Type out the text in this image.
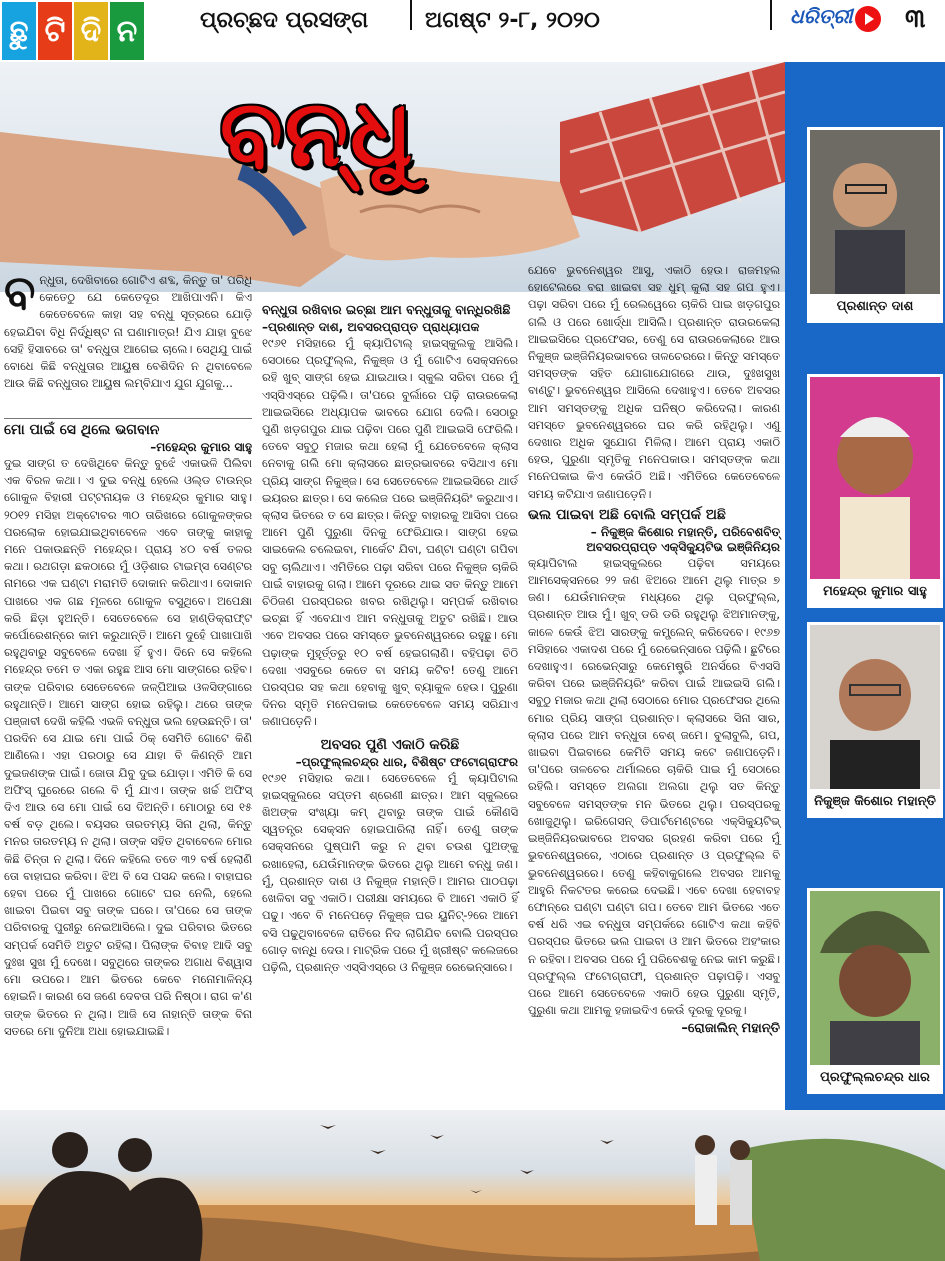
ଛୁ ଟି ଦି ନ	ପ୍ରଚ୍ଛଦ ପ୍ରସଙ୍ଗ	ଅଗଷ୍ଟ ୨-୮, ୨୦୨୦	ଧରିତ୍ରୀ ୩
ବନ୍ଧୁ
ପ୍ରଶାନ୍ତ ଦାଶ
ମହେନ୍ଦ୍ର କୁମାର ସାହୁ
ନିକୁଞ୍ଜ କିଶୋର ମହାନ୍ତି
ପ୍ରଫୁଲ୍ଲଚନ୍ଦ୍ର ଧାର
ବ ନ୍ଧୁତା, ଦେଖିବାରେ ଗୋଟିଏ ଶବ୍ଦ, କିନ୍ତୁ ତା' ପରିଧି କେତେଠୁ ଯେ କେତେଦୂର ଆଖିପାଏନି। କିଏ କେତେବେଳେ କାହା ସହ ବନ୍ଧୁ ସୂତ୍ରରେ ଯୋଡ଼ି ହେଇଯିବା ବିଧି ନିର୍ଦ୍ଧିଷ୍ଟ ନା ଘଣାମାତ୍ର! ଯିଏ ଯାହା ବୁଝେ ସେହି ହିସାବରେ ତା' ବନ୍ଧୁତା ଆଗେଇ ଚାଲେ। ସେଥିଯୁ ପାଇଁ ବୋଧେ କିଛି ବନ୍ଧୁତାର ଆୟୁଷ ବେଶିଦିନ ନ ଥିବାବେଳେ ଆଉ କିଛି ବନ୍ଧୁତାର ଆୟୁଷ ଲମ୍ବିଯାଏ ଯୁଗ ଯୁଗକୁ...

ମୋ ପାଇଁ ସେ ଥିଲେ ଭଗବାନ

–ମହେନ୍ଦ୍ର କୁମାର ସାହୁ

ଦୁଇ ସାଙ୍ଗ ତ ଦେଖିଥିବେ କିନ୍ତୁ ବୁଝେଁ ଏକାଭଳି ପିଲିବା ଏକ ବିରଳ କଥା। ଏ ଦୁଇ ବନ୍ଧୁ ହେଲେ ଓଲ୍ଡ ଟାଉନ୍‌ର ଗୋକୁଳ ବିହାରୀ ପଟ୍ଟନାୟକ ଓ ମହେନ୍ଦ୍ର କୁମାର ସାହୁ। ୨୦୧୨ ମସିହା ଅକ୍ଟୋବର ୩୦ ତାରିଖରେ ଗୋକୁଳଙ୍କର ପରଲୋକ ହୋଇଯାଇଥିବାବେଳେ ଏବେ ତାଙ୍କୁ କାହାକୁ ମନେ ପକାଉଛନ୍ତି ମହେନ୍ଦ୍ର। ପ୍ରାୟ ୪୦ ବର୍ଷ ତଳର କଥା। ରଥଗଡ଼ା ଛକଠାରେ ମୁଁ ଓଡ଼ିଶାର ଟାଇମ୍ସ ସେଣ୍ଟର ନାମରେ ଏକ ଘଣ୍ଟା ମରାମତି ଦୋକାନ କରିଥାଏ। ଦୋକାନ ପାଖରେ ଏକ ଗଛ ମୂଳରେ ଗୋକୁଳ ବସୁଥିବେ। ଅପେକ୍ଷା କରି ଛିଡ଼ା ହୁଅନ୍ତି। ସେତେବେଳେ ସେ ହାଣ୍ଡିକ୍ରାଫ୍ଟ କର୍ପୋରେଶନ୍‌ରେ କାମ କରୁଥାନ୍ତି। ଆମେ ଦୁହେଁ ପାଖାପାଖି ରହୁଥିବାରୁ ସବୁବେଳେ ଦେଖା ହିଁ ହୁଏ। ଦିନେ ସେ କହିଲେ ମହେନ୍ଦ୍ର ତମେ ତ ଏକା ରହୁଛ ଆସ ମୋ ସାଙ୍ଗରେ ରହିବ। ତାଙ୍କ ପରିବାର ସେତେବେଳେ ଜଳ୍ପିଆଇ ଓଳସିଙ୍ଗାରେ ରହୁଥାନ୍ତି। ଆମେ ସାଙ୍ଗ ହୋଇ ରହିଲୁ। ଥରେ ତାଙ୍କ ପଞ୍ଜାବୀ ଦେଖି କହିଲି ଏଭଳି ବନ୍ଧୁତା ଭଲ ହେଉଛନ୍ତି। ତା' ପରଦିନ ସେ ଯାଇ ମୋ ପାଇଁ ଠିକ୍ ସେମିତି ଗୋଟେ କିଣି ଆଣିଲେ। ଏହା ପରଠାରୁ ସେ ଯାହା ବି କିଣନ୍ତି ଆମ ଦୁଇଜଣଙ୍କ ପାଇଁ। ଜୋତା ଯିବୁ ଦୁଇ ଯୋଡ଼ା। ଏମିତି କି ସେ ଅଫିସ୍ ଘୁରେରେ ଗଲେ ବି ମୁଁ ଯାଏ। ତାଙ୍କ ଖର୍ଚ୍ଚ ଅଫିସ୍ ଦିଏ ଆଉ ସେ ମୋ ପାଇଁ ସେ ଦିଅନ୍ତି। ମୋଠାରୁ ସେ ୧୫ ବର୍ଷ ବଡ଼ ଥିଲେ। ବୟସର ତାରତମ୍ୟ ସିନା ଥିଲା, କିନ୍ତୁ ମନର ତାରତମ୍ୟ ନ ଥିଲା। ତାଙ୍କ ସହିତ ଥିବାବେଳେ ମୋର କିଛି ଚିନ୍ତା ନ ଥିଲା। ଦିନେ କହିଲେ ତତେ ୩୨ ବର୍ଷ ହେଲାଣି ତୋ ବାହାଘର କରିବା। ଝିଅ ବି ସେ ପସନ୍ଦ କଲେ। ବାହାଘର ହେବା ପରେ ମୁଁ ପାଖରେ ଗୋଟେ ଘର ନେଲି, ହେଲେ ଖାଇବା ପିଇବା ସବୁ ତାଙ୍କ ଘରେ। ତା'ପରେ ସେ ତାଙ୍କ ପରିବାରକୁ ପୁରୀରୁ ନେଇଆସିଲେ। ଦୁଇ ପରିବାର ଭିତରେ ସମ୍ପର୍କ ସେମିତି ଅତୁଟ ରହିଲା। ପିଲାଙ୍କ ବିବାହ ଆଦି ସବୁ ଦୁଃଖ ସୁଖ ମୁଁ ଦେଖେ। ସବୁଥିରେ ତାଙ୍କର ଅଗାଧ ବିଶ୍ୱାସ ମୋ ଉପରେ। ଆମ ଭିତରେ କେବେ ମନୋମାଳିନ୍ୟ ହୋଇନି। କାରଣ ସେ ଜଣେ ଦେବତା ପରି ନିଷ୍ଠା। ରାଗ କ'ଣ ତାଙ୍କ ଭିତରେ ନ ଥିଲା। ଆଜି ସେ ନାହାନ୍ତି ତାଙ୍କ ବିନା ସତରେ ମୋ ଦୁନିଆ ଅଧା ହୋଇଯାଇଛି।

ବନ୍ଧୁତା ରଖିବାର ଇଚ୍ଛା ଆମ ବନ୍ଧୁତାକୁ ବାନ୍ଧିରଖିଛି

–ପ୍ରଶାନ୍ତ ଦାଶ, ଅବସରପ୍ରାପ୍ତ ପ୍ରାଧ୍ୟାପକ

୧୯୬୧ ମସିହାରେ ମୁଁ କ୍ୟାପିଟାଲ୍ ହାଇସ୍କୁଲକୁ ଆସିଲି। ସେଠାରେ ପ୍ରଫୁଲ୍ଲ, ନିକୁଞ୍ଜ ଓ ମୁଁ ଗୋଟିଏ ସେକ୍ସନରେ ରହି ଖୁବ୍ ସାଙ୍ଗ ହେଇ ଯାଇଥାଉ। ସ୍କୁଲ ସରିବା ପରେ ମୁଁ ଏସ୍‌ସିଏସ୍‌ରେ ପଢ଼ିଲି। ତା'ପରେ ବୁର୍ଲାରେ ପଢ଼ି ରାଉରକେଲା ଆଇଇସିରେ ଅଧ୍ୟାପକ ଭାବରେ ଯୋଗ ଦେଲି। ସେଠାରୁ ପୁଣି ଖଡ଼ଗପୁର ଯାଇ ପଢ଼ିବା ପରେ ପୁଣି ଆଇଇସି ଫେରିଲି। ତେବେ ସବୁଠୁ ମଜାର କଥା ହେଲା ମୁଁ ଯେତେବେଳେ କ୍ଲାସ ନେବାକୁ ଗଲି ମୋ କ୍ଲାସରେ ଛାତ୍ରଭାବରେ ବସିଥାଏ ମୋ ପ୍ରିୟ ସାଙ୍ଗ ନିକୁଞ୍ଜ। ସେ ସେତେବେଳେ ଆଇଇସିରେ ଥାର୍ଡ ଇୟରର ଛାତ୍ର। ସେ କଲେଜ ପରେ ଇଞ୍ଜିନିୟରିଂ କରୁଥାଏ। କ୍ଲାସ ଭିତରେ ତ ସେ ଛାତ୍ର। କିନ୍ତୁ ବାହାରକୁ ଆସିବା ପରେ ଆମେ ପୁଣି ପୁରୁଣା ଦିନକୁ ଫେରିଯାଉ। ସାଙ୍ଗ ହେଇ ସାଇକେଲ ଚଲେଇବା, ମାର୍କେଟ ଯିବା, ଘଣ୍ଟା ଘଣ୍ଟା ଗପିବା ସବୁ ଚାଲିଥାଏ। ଏମିତିରେ ପଢ଼ା ସରିବା ପରେ ନିକୁଞ୍ଜ ଚାକିରି ପାଇଁ ବାହାରକୁ ଗଲା। ଆମେ ଦୂରରେ ଥାଇ ସତ କିନ୍ତୁ ଆମେ ଚିଠିଜଣ ପରସ୍ପରର ଖବର ରଖିଥିଲୁ। ସମ୍ପର୍କ ରଖିବାର ଇଚ୍ଛା ହିଁ ଏବେଯାଏ ଆମ ବନ୍ଧୁତାକୁ ଅତୁଟ ରଖିଛି। ଆଉ ଏବେ ଅବସର ପରେ ସମସ୍ତେ ଭୁବନେଶ୍ୱରରେ ରହୁଛୁ। ମୋ ପଢ଼ାଙ୍କ ମୁହୂର୍ତ୍ତରୁ ୧୦ ବର୍ଷ ହେଇଗଲାଣି। ବହିପଢ଼ା ଚିଠି ଦେଖା ଏସବୁରେ କେତେ ବା ସମୟ କଟିବ! ତେଣୁ ଆମେ ପରସ୍ପର ସହ କଥା ହେବାକୁ ଖୁବ୍ ବ୍ୟାକୁଳ ହେଉ। ପୁରୁଣା ଦିନର ସ୍ମୃତି ମନେପକାଇ କେତେବେଳେ ସମୟ ସରିଯାଏ ଜଣାପଡ଼େନି।

ଅବସର ପୁଣି ଏକାଠି କରିଛି

–ପ୍ରଫୁଲ୍ଲଚନ୍ଦ୍ର ଧାର, ବିଶିଷ୍ଟ ଫଟୋଗ୍ରାଫର

୧୯୬୧ ମସିହାର କଥା। ସେତେବେଳେ ମୁଁ କ୍ୟାପିଟାଲ ହାଇସ୍କୁଲରେ ସପ୍ତମ ଶ୍ରେଣୀ ଛାତ୍ର। ଆମ ସ୍କୁଲରେ ଖିଅଙ୍କ ସଂଖ୍ୟା କମ୍ ଥିବାରୁ ତାଙ୍କ ପାଇଁ କୌଣସି ସ୍ୱତନ୍ତ୍ର ସେକ୍ସନ ହୋଇପାରିଲା ନାହିଁ। ତେଣୁ ତାଙ୍କ ସେକ୍ସନରେ ପୁଷ୍ପାମି କରୁ ନ ଥିବା ଚଉଶ ପୁଅଙ୍କୁ ରଖାହେଲା, ଯେଉଁମାନଙ୍କ ଭିତରେ ଥିଲୁ ଆମେ ବନ୍ଧୁ ଜଣ। ମୁଁ, ପ୍ରଶାନ୍ତ ଦାଶ ଓ ନିକୁଞ୍ଜ ମହାନ୍ତି। ଆମର ପାଠପଢ଼ା ଖେଳିବା ସବୁ ଏକାଠି। ପରୀକ୍ଷା ସମୟରେ ବି ଆମେ ଏକାଠି ହିଁ ପଢୁ। ଏବେ ବି ମନେପଡ଼େ ନିକୁଞ୍ଜ ଘର ୟୁନିଟ୍-୨ରେ ଆମେ ବସି ପଢୁଥିବାବେଳେ ରାତିରେ ନିଦ ଲାଗିଯିବ ବୋଲି ପରସ୍ପର ଗୋଡ଼ ବାନ୍ଧି ଦେଉ। ମାଟ୍ରିକ ପରେ ମୁଁ ଖ୍ରୀଷ୍ଟ କଲେଜରେ ପଢ଼ିଲି, ପ୍ରଶାନ୍ତ ଏସ୍‌ସିଏସ୍‌ରେ ଓ ନିକୁଞ୍ଜ ରେଭେନ୍ସାରେ।

ଯେବେ ଭୁବନେଶ୍ୱର ଆସୁ, ଏକାଠି ହେଉ। ରାଜମହଲ ହୋଟେଲରେ ବରା ଖାଇବା ସହ ଧୁମ୍ କୁଲା ସହ ଗପ ହୁଏ। ପଢ଼ା ସରିବା ପରେ ମୁଁ ରେଲୱେରେ ଚାକିରି ପାଇ ଖଡ଼ଗପୁର ଗଲି ଓ ପରେ ଖୋର୍ଦ୍ଧା ଆସିଲି। ପ୍ରଶାନ୍ତ ରାଉରକେଲା ଆଇଇସିରେ ପ୍ରଫେସର, ତେଣୁ ସେ ରାଉରକେଲାରେ ଆଉ ନିକୁଞ୍ଜ ଇଞ୍ଜିନିୟରଭାବରେ ତାଳଚେରରେ। କିନ୍ତୁ ସମସ୍ତେ ସମସ୍ତଙ୍କ ସହିତ ଯୋଗାଯୋଗରେ ଥାଉ, ଦୁଃଖସୁଖ ବାଣ୍ଟୁ। ଭୁବନେଶ୍ୱର ଆସିଲେ ଦେଖାହୁଏ। ତେବେ ଅବସର ଆମ ସମସ୍ତଙ୍କୁ ଅଧିକ ଘନିଷ୍ଠ କରିଦେଲା। କାରଣ ସମସ୍ତେ ଭୁବନେଶ୍ୱରରେ ଘର କରି ରହିଥିଲୁ। ଏଣୁ ଦେଖାର ଅଧିକ ସୁଯୋଗ ମିଳିଲା। ଆମେ ପ୍ରାୟ ଏକାଠି ହେଉ, ପୁରୁଣା ସ୍ମୃତିକୁ ମନେପକାଉ। ସମସ୍ତଙ୍କ କଥା ମନେପକାଇ କିଏ କେଉଁଠି ଅଛି। ଏମିତିରେ କେତେବେଳେ ସମୟ କଟିଯାଏ ଜଣାପଡ଼େନି।

ଭଲ ପାଇବା ଅଛି ବୋଲି ସମ୍ପର୍କ ଅଛି

– ନିକୁଞ୍ଜ କିଶୋର ମହାନ୍ତି, ପରିବେଶବିତ୍

ଅବସରପ୍ରାପ୍ତ ଏକ୍ସିକ୍ୟୁଟିଭ ଇଞ୍ଜିନିୟର

କ୍ୟାପିଟାଲ ହାଇସ୍କୁଲରେ ପଢ଼ିବା ସମୟରେ ଆମସେକ୍ସନରେ ୨୨ ଜଣ ଝିଅରେ ଆମେ ଥିଲୁ ମାତ୍ର ୭ ଜଣ। ଯେଉଁମାନଙ୍କ ମଧ୍ୟରେ ଥିଲୁ ପ୍ରଫୁଲ୍ଲ, ପ୍ରଶାନ୍ତ ଆଉ ମୁଁ। ଖୁବ୍ ଡରି ଡରି ରହୁଥିଲୁ ଝିଅମାନଙ୍କୁ, କାଳେ କେଉଁ ଝିଅ ସାରଙ୍କୁ କମ୍ପ୍ଲେନ୍ କରିଦେବେ। ୧୯୬୭ ମସିହାରେ ଏକାଦଶ ପରେ ମୁଁ ରେଭେନ୍ସାରେ ପଢ଼ିଲି। ଛୁଟିରେ ଦେଖାହୁଏ। ରେଭେନ୍ସାରୁ କେମେଷ୍ଟ୍ରି ଅନର୍ସରେ ବିଏସସି କରିବା ପରେ ଇଞ୍ଜିନିୟରିଂ କରିବା ପାଇଁ ଆଇଇସି ଗଲି। ସବୁଠୁ ମଜାର କଥା ଥିଲା ସେଠାରେ ମୋର ପ୍ରଫେସର ଥିଲେ ମୋର ପ୍ରିୟ ସାଙ୍ଗ ପ୍ରଶାନ୍ତ। କ୍ଲାସରେ ସିନା ସାର, କ୍ଲାସ ପରେ ଆମ ବନ୍ଧୁତା ବେଶ୍ ଜମେ। ବୁଲାବୁଲି, ଗପ, ଖାଇବା ପିଇବାରେ କେମିତି ସମୟ କଟେ ଜଣାପଡ଼େନି। ତା'ପରେ ତାଳଚେର ଥର୍ମାଲରେ ଚାକିରି ପାଇ ମୁଁ ସେଠାରେ ରହିଲି। ସମସ୍ତେ ଅଲଗା ଅଲଗା ଥିଲୁ ସତ କିନ୍ତୁ ସବୁବେଳେ ସମସ୍ତଙ୍କ ମନ ଭିତରେ ଥିଲୁ। ପରସ୍ପରକୁ ଖୋଜୁଥିଲୁ। ଇରିଗେସନ୍ ଡିପାର୍ଟମେଣ୍ଟରେ ଏକ୍ସିକ୍ୟୁଟିଭ୍ ଇଞ୍ଜିନିୟରଭାବରେ ଅବସର ଗ୍ରହଣ କରିବା ପରେ ମୁଁ ଭୁବନେଶ୍ୱରରେ, ଏଠାରେ ପ୍ରଶାନ୍ତ ଓ ପ୍ରଫୁଲ୍ଲ ବି ଭୁବନେଶ୍ୱରରେ। ତେଣୁ କହିବାକୁଗଲେ ଅବସର ଆମକୁ ଆହୁରି ନିକଟତର କରେଇ ଦେଇଛି। ଏବେ ଦେଖା ହେବାବହ ଫୋନ୍‌ରେ ଘଣ୍ଟା ଘଣ୍ଟା ଗପ। ତେବେ ଆମ ଭିତରେ ଏତେ ବର୍ଷ ଧରି ଏଇ ବନ୍ଧୁତା ସମ୍ପର୍କରେ ଗୋଟିଏ କଥା କହିବି ପରସ୍ପର ଭିତରେ ଭଲ ପାଇବା ଓ ଆମ ଭିତରେ ଅହଂକାର ନ ରହିବା। ଅବସର ପରେ ମୁଁ ପରିବେଶକୁ ନେଇ କାମ କରୁଛି। ପ୍ରଫୁଲ୍ଲ ଫଟୋଗ୍ରାଫୀ, ପ୍ରଶାନ୍ତ ପଢ଼ାପଢ଼ି। ଏସବୁ ପରେ ଆମେ ସେତେବେଳେ ଏକାଠି ହେଉ ପୁରୁଣା ସ୍ମୃତି, ପୁରୁଣା କଥା ଆମକୁ ହଜାଇଦିଏ କେଉଁ ଦୂରକୁ ଦୂରକୁ।

–ରୋଜାଲିନ୍ ମହାନ୍ତି
